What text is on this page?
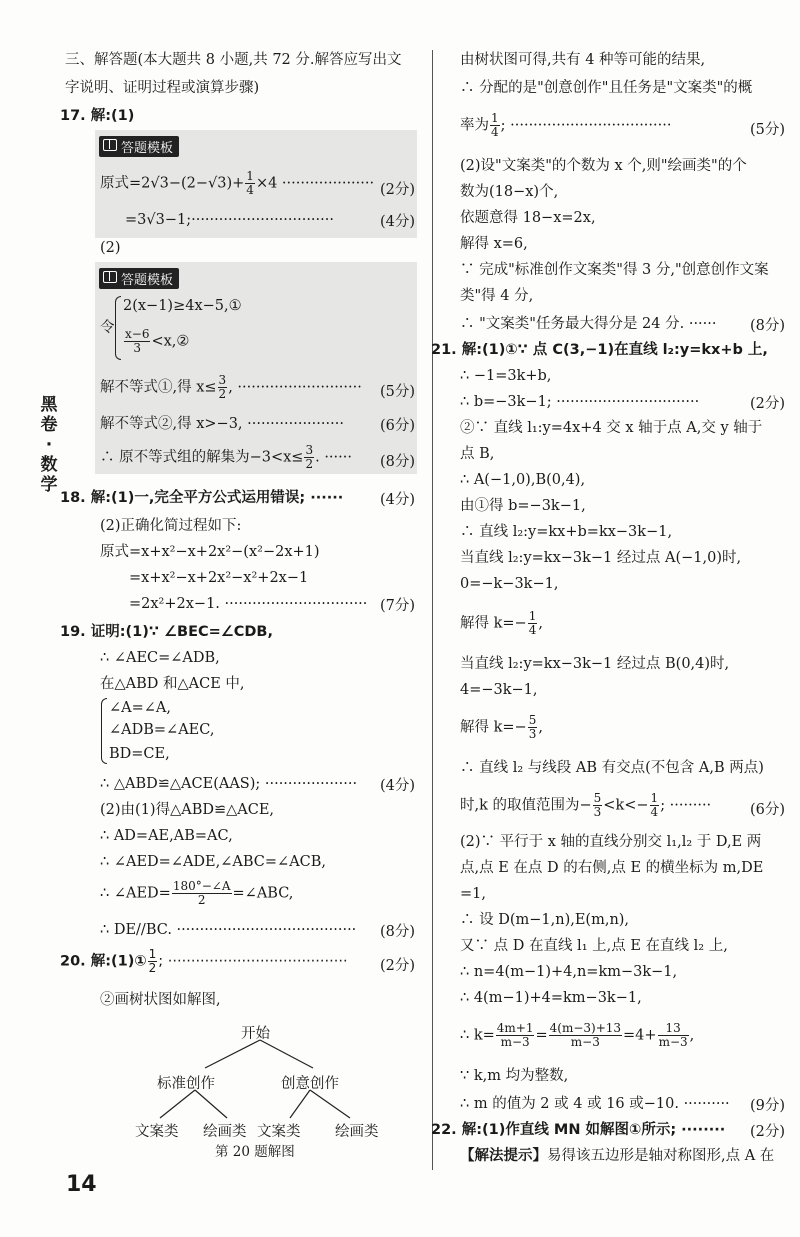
黑卷·数学
三、解答题(本大题共 8 小题,共 72 分.解答应写出文
字说明、证明过程或演算步骤)
17. 解:(1)
答题模板
原式$=2√3-(2-√3)+ \frac{1}{4} \times 4$ ···················· (2分)
=3√3−1;·······························	(4分)
(2)
答题模板
令
2(x−1)≥4x−5,①
$\frac{x-6}{3}$ <x,②
解不等式①,得 $x\le \frac{3}{2}$ , ··························· (5分)
解不等式②,得 x>−3, ····················· (6分)
∴ 原不等式组的解集为$-3<x\le \frac{3}{2}$ . ······ (8分)
18. 解:(1)一,完全平方公式运用错误; ······	(4分)
(2)正确化简过程如下:
原式=x+x²−x+2x²−(x²−2x+1)
=x+x²−x+2x²−x²+2x−1
=2x²+2x−1. ······························· (7分)
19. 证明:(1)∵ ∠BEC=∠CDB,
∴ ∠AEC=∠ADB,
在△ABD 和△ACE 中,
∠A=∠A,
∠ADB=∠AEC,
BD=CE,
∴ △ABD≌△ACE(AAS); ···················· (4分)
(2)由(1)得△ABD≌△ACE,
∴ AD=AE,AB=AC,
∴ ∠AED=∠ADE,∠ABC=∠ACB,
∴ ∠AED= $\frac{180^\circ-\angle A}{2}$ =∠ABC,
∴ DE//BC. ······································· (8分)
20. 解:(1)① $\frac{1}{2}$ ; ······································· (2分)
②画树状图如解图,
开始
标准创作	创意创作
文案类 绘画类 文案类 绘画类
第 20 题解图
由树状图可得,共有 4 种等可能的结果,
∴ 分配的是"创意创作"且任务是"文案类"的概
率为 $\frac{1}{4}$ ; ···································	(5分)
(2)设"文案类"的个数为 x 个,则"绘画类"的个
数为(18−x)个,
依题意得 18−x=2x,
解得 x=6,
∵ 完成"标准创作文案类"得 3 分,"创意创作文案
类"得 4 分,
∴ "文案类"任务最大得分是 24 分. ······ (8分)
21. 解:(1)①∵ 点 C(3,−1)在直线 l₂:y=kx+b 上,
∴ −1=3k+b,
∴ b=−3k−1; ·······························	(2分)
②∵ 直线 l₁:y=4x+4 交 x 轴于点 A,交 y 轴于
点 B,
∴ A(−1,0),B(0,4),
由①得 b=−3k−1,
∴ 直线 l₂:y=kx+b=kx−3k−1,
当直线 l₂:y=kx−3k−1 经过点 A(−1,0)时,
0=−k−3k−1,
解得 $k=- \frac{1}{4}$ ,
当直线 l₂:y=kx−3k−1 经过点 B(0,4)时,
4=−3k−1,
解得 $k=- \frac{5}{3}$ ,
∴ 直线 l₂ 与线段 AB 有交点(不包含 A,B 两点)
时,k 的取值范围为− $\frac{5}{3} <k<- \frac{1}{4}$ ; ·········	(6分)
(2)∵ 平行于 x 轴的直线分别交 l₁,l₂ 于 D,E 两
点,点 E 在点 D 的右侧,点 E 的横坐标为 m,DE
=1,
∴ 设 D(m−1,n),E(m,n),
又∵ 点 D 在直线 l₁ 上,点 E 在直线 l₂ 上,
∴ n=4(m−1)+4,n=km−3k−1,
∴ 4(m−1)+4=km−3k−1,
∴ $k= \frac{4m+1}{m-3} = \frac{4(m-3)+13}{m-3} =4+ \frac{13}{m-3}$ ,
∵ k,m 均为整数,
∴ m 的值为 2 或 4 或 16 或−10. ·········· (9分)
22. 解:(1)作直线 MN 如解图①所示; ········ (2分)
【解法提示】易得该五边形是轴对称图形,点 A 在
14
